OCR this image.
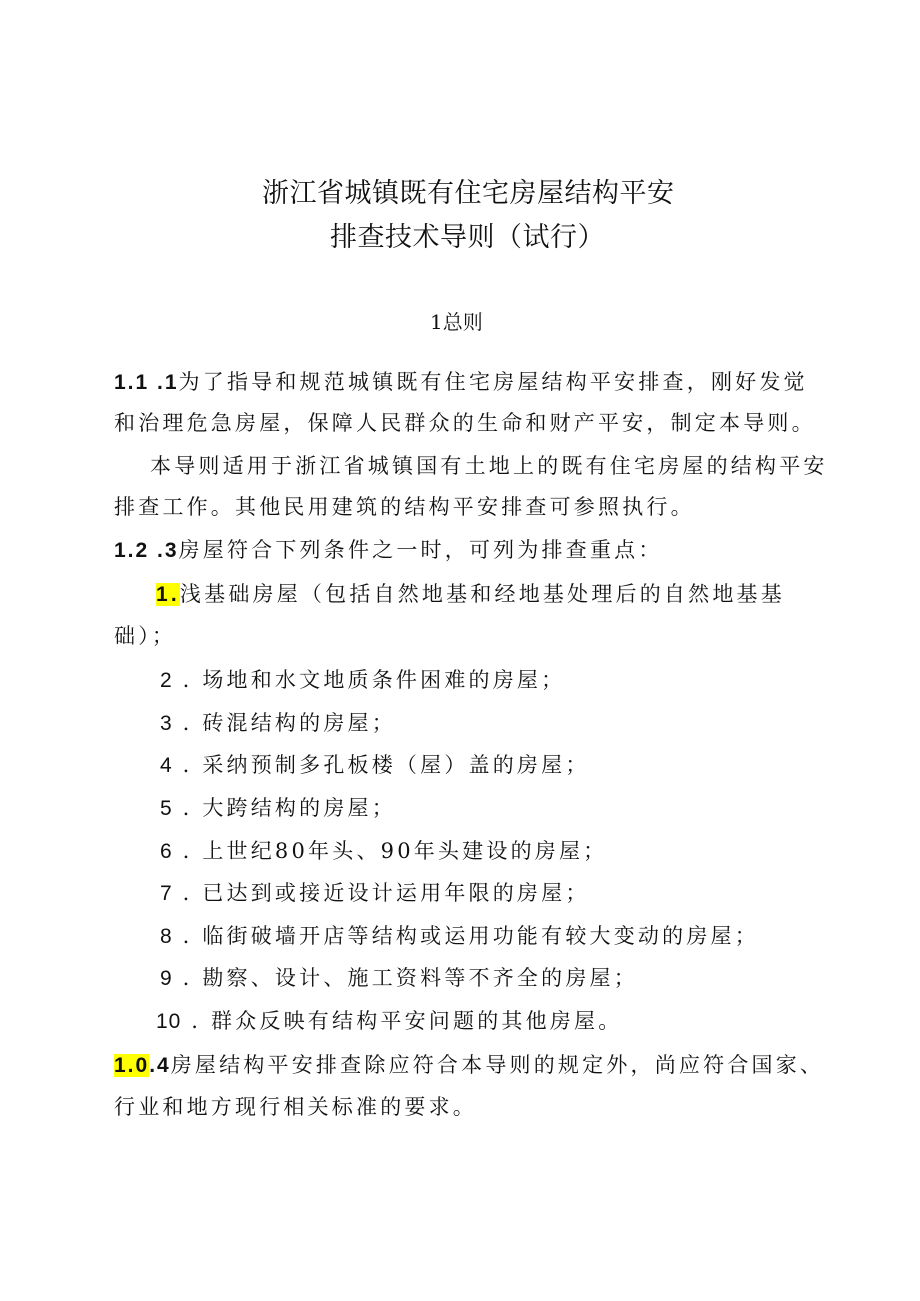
浙江省城镇既有住宅房屋结构平安
排查技术导则（试行）
1总则
1.1 .1为了指导和规范城镇既有住宅房屋结构平安排查，刚好发觉
和治理危急房屋，保障人民群众的生命和财产平安，制定本导则。
本导则适用于浙江省城镇国有土地上的既有住宅房屋的结构平安
排查工作。其他民用建筑的结构平安排查可参照执行。
1.2 .3房屋符合下列条件之一时，可列为排查重点：
1.浅基础房屋（包括自然地基和经地基处理后的自然地基基
础）；
2 . 场地和水文地质条件困难的房屋；
3 . 砖混结构的房屋；
4 . 采纳预制多孔板楼（屋）盖的房屋；
5 . 大跨结构的房屋；
6 . 上世纪80年头、90年头建设的房屋；
7 . 已达到或接近设计运用年限的房屋；
8 . 临街破墙开店等结构或运用功能有较大变动的房屋；
9 . 勘察、设计、施工资料等不齐全的房屋；
10 . 群众反映有结构平安问题的其他房屋。
1.0.4房屋结构平安排查除应符合本导则的规定外，尚应符合国家、
行业和地方现行相关标准的要求。
